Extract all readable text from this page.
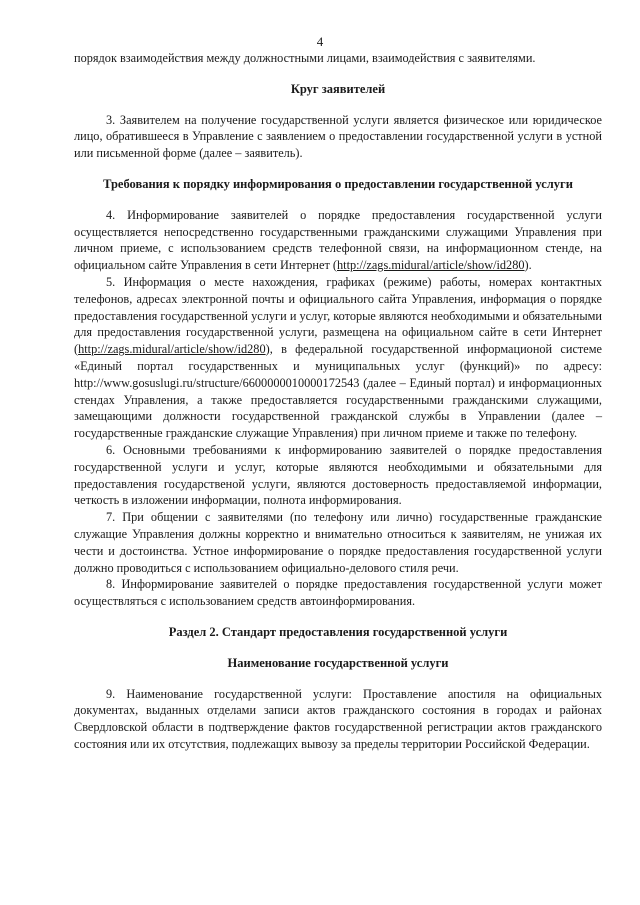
4

порядок взаимодействия между должностными лицами, взаимодействия с заявителями.

Круг заявителей

3. Заявителем на получение государственной услуги является физическое или юридическое лицо, обратившееся в Управление с заявлением о предоставлении государственной услуги в устной или письменной форме (далее – заявитель).

Требования к порядку информирования о предоставлении государственной услуги

4. Информирование заявителей о порядке предоставления государственной услуги осуществляется непосредственно государственными гражданскими служащими Управления при личном приеме, с использованием средств телефонной связи, на информационном стенде, на официальном сайте Управления в сети Интернет (http://zags.midural/article/show/id280).

5. Информация о месте нахождения, графиках (режиме) работы, номерах контактных телефонов, адресах электронной почты и официального сайта Управления, информация о порядке предоставления государственной услуги и услуг, которые являются необходимыми и обязательными для предоставления государственной услуги, размещена на официальном сайте в сети Интернет (http://zags.midural/article/show/id280), в федеральной государственной информационой системе «Единый портал государственных и муниципальных услуг (функций)» по адресу: http://www.gosuslugi.ru/structure/6600000010000172543 (далее – Единый портал) и информационных стендах Управления, а также предоставляется государственными гражданскими служащими, замещающими должности государственной гражданской службы в Управлении (далее – государственные гражданские служащие Управления) при личном приеме и также по телефону.

6. Основными требованиями к информированию заявителей о порядке предоставления государственной услуги и услуг, которые являются необходимыми и обязательными для предоставления государственой услуги, являются достоверность предоставляемой информации, четкость в изложении информации, полнота информирования.

7. При общении с заявителями (по телефону или лично) государственные гражданские служащие Управления должны корректно и внимательно относиться к заявителям, не унижая их чести и достоинства. Устное информирование о порядке предоставления государственной услуги должно проводиться с использованием официально-делового стиля речи.

8. Информирование заявителей о порядке предоставления государственной услуги может осуществляться с использованием средств автоинформирования.

Раздел 2. Стандарт предоставления государственной услуги
Наименование государственной услуги

9. Наименование государственной услуги: Проставление апостиля на официальных документах, выданных отделами записи актов гражданского состояния в городах и районах Свердловской области в подтверждение фактов государственной регистрации актов гражданского состояния или их отсутствия, подлежащих вывозу за пределы территории Российской Федерации.
